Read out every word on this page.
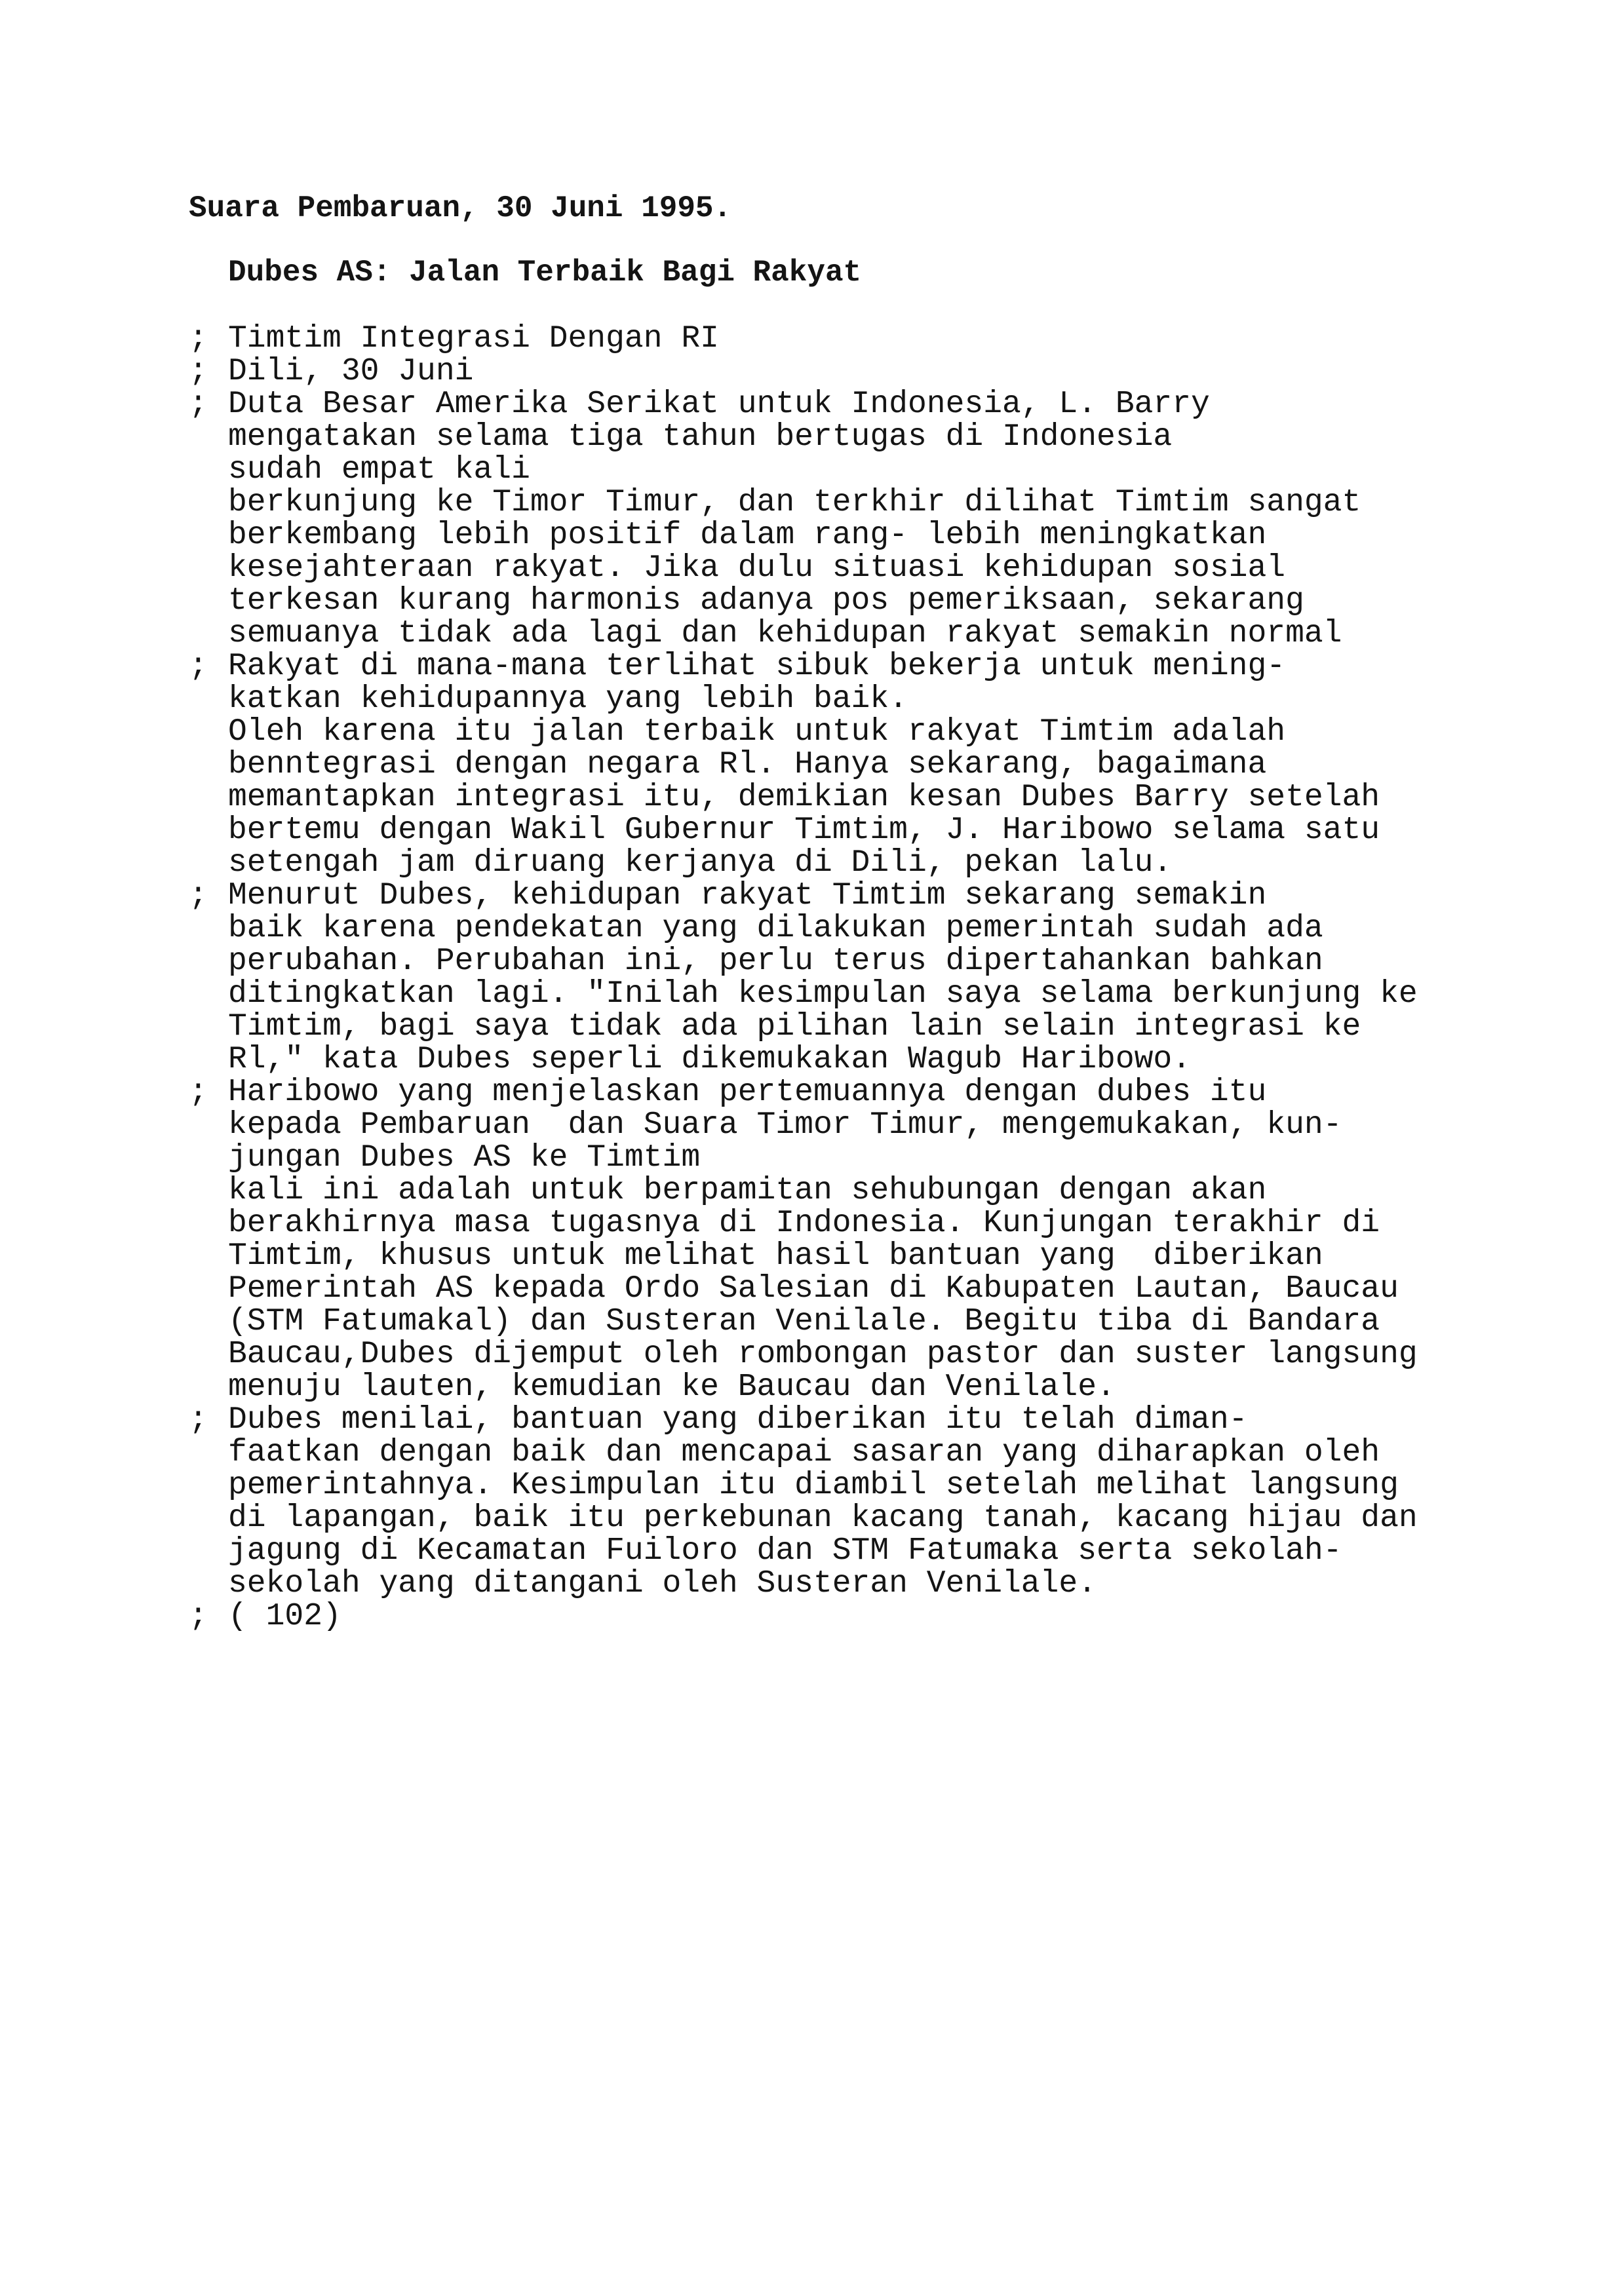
Suara Pembaruan, 30 Juni 1995.
Dubes AS: Jalan Terbaik Bagi Rakyat
; Timtim Integrasi Dengan RI
; Dili, 30 Juni
; Duta Besar Amerika Serikat untuk Indonesia, L. Barry
mengatakan selama tiga tahun bertugas di Indonesia
sudah empat kali
berkunjung ke Timor Timur, dan terkhir dilihat Timtim sangat
berkembang lebih positif dalam rang- lebih meningkatkan
kesejahteraan rakyat. Jika dulu situasi kehidupan sosial
terkesan kurang harmonis adanya pos pemeriksaan, sekarang
semuanya tidak ada lagi dan kehidupan rakyat semakin normal
; Rakyat di mana-mana terlihat sibuk bekerja untuk mening-
katkan kehidupannya yang lebih baik.
Oleh karena itu jalan terbaik untuk rakyat Timtim adalah
benntegrasi dengan negara Rl. Hanya sekarang, bagaimana
memantapkan integrasi itu, demikian kesan Dubes Barry setelah
bertemu dengan Wakil Gubernur Timtim, J. Haribowo selama satu
setengah jam diruang kerjanya di Dili, pekan lalu.
; Menurut Dubes, kehidupan rakyat Timtim sekarang semakin
baik karena pendekatan yang dilakukan pemerintah sudah ada
perubahan. Perubahan ini, perlu terus dipertahankan bahkan
ditingkatkan lagi. "Inilah kesimpulan saya selama berkunjung ke
Timtim, bagi saya tidak ada pilihan lain selain integrasi ke
Rl," kata Dubes seperli dikemukakan Wagub Haribowo.
; Haribowo yang menjelaskan pertemuannya dengan dubes itu
kepada Pembaruan  dan Suara Timor Timur, mengemukakan, kun-
jungan Dubes AS ke Timtim
kali ini adalah untuk berpamitan sehubungan dengan akan
berakhirnya masa tugasnya di Indonesia. Kunjungan terakhir di
Timtim, khusus untuk melihat hasil bantuan yang  diberikan
Pemerintah AS kepada Ordo Salesian di Kabupaten Lautan, Baucau
(STM Fatumakal) dan Susteran Venilale. Begitu tiba di Bandara
Baucau,Dubes dijemput oleh rombongan pastor dan suster langsung
menuju lauten, kemudian ke Baucau dan Venilale.
; Dubes menilai, bantuan yang diberikan itu telah diman-
faatkan dengan baik dan mencapai sasaran yang diharapkan oleh
pemerintahnya. Kesimpulan itu diambil setelah melihat langsung
di lapangan, baik itu perkebunan kacang tanah, kacang hijau dan
jagung di Kecamatan Fuiloro dan STM Fatumaka serta sekolah-
sekolah yang ditangani oleh Susteran Venilale.
; ( 102)
